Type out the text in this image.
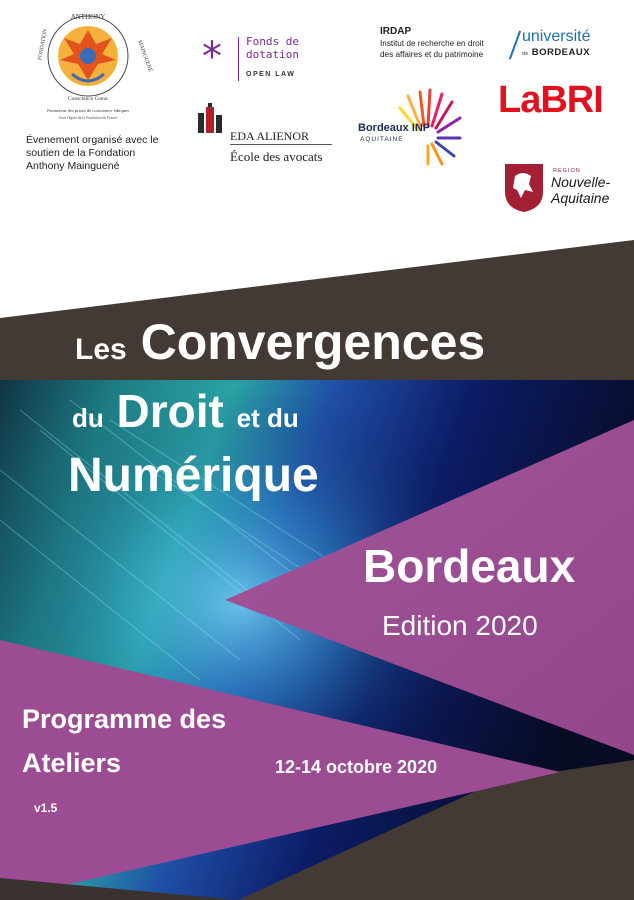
ANTHONY
FONDATION	MAINGUENÉ
Conscience Coeur
Promoteur des prises de conscience éthiques
Sous l'égide de la Fondation de France
Évenement organisé avec le
soutien de la Fondation
Anthony Mainguené
* Fonds de
dotation
OPEN LAW
EDA ALIENOR
École des avocats
IRDAP
Institut de recherche en droit
des affaires et du patrimoine
université
de BORDEAUX
LaBRI
Bordeaux INP
AQUITAINE
RÉGION
Nouvelle-
Aquitaine
Les Convergences
du Droit et du
Numérique
Bordeaux
Edition 2020
Programme des
Ateliers	12-14 octobre 2020
v1.5
